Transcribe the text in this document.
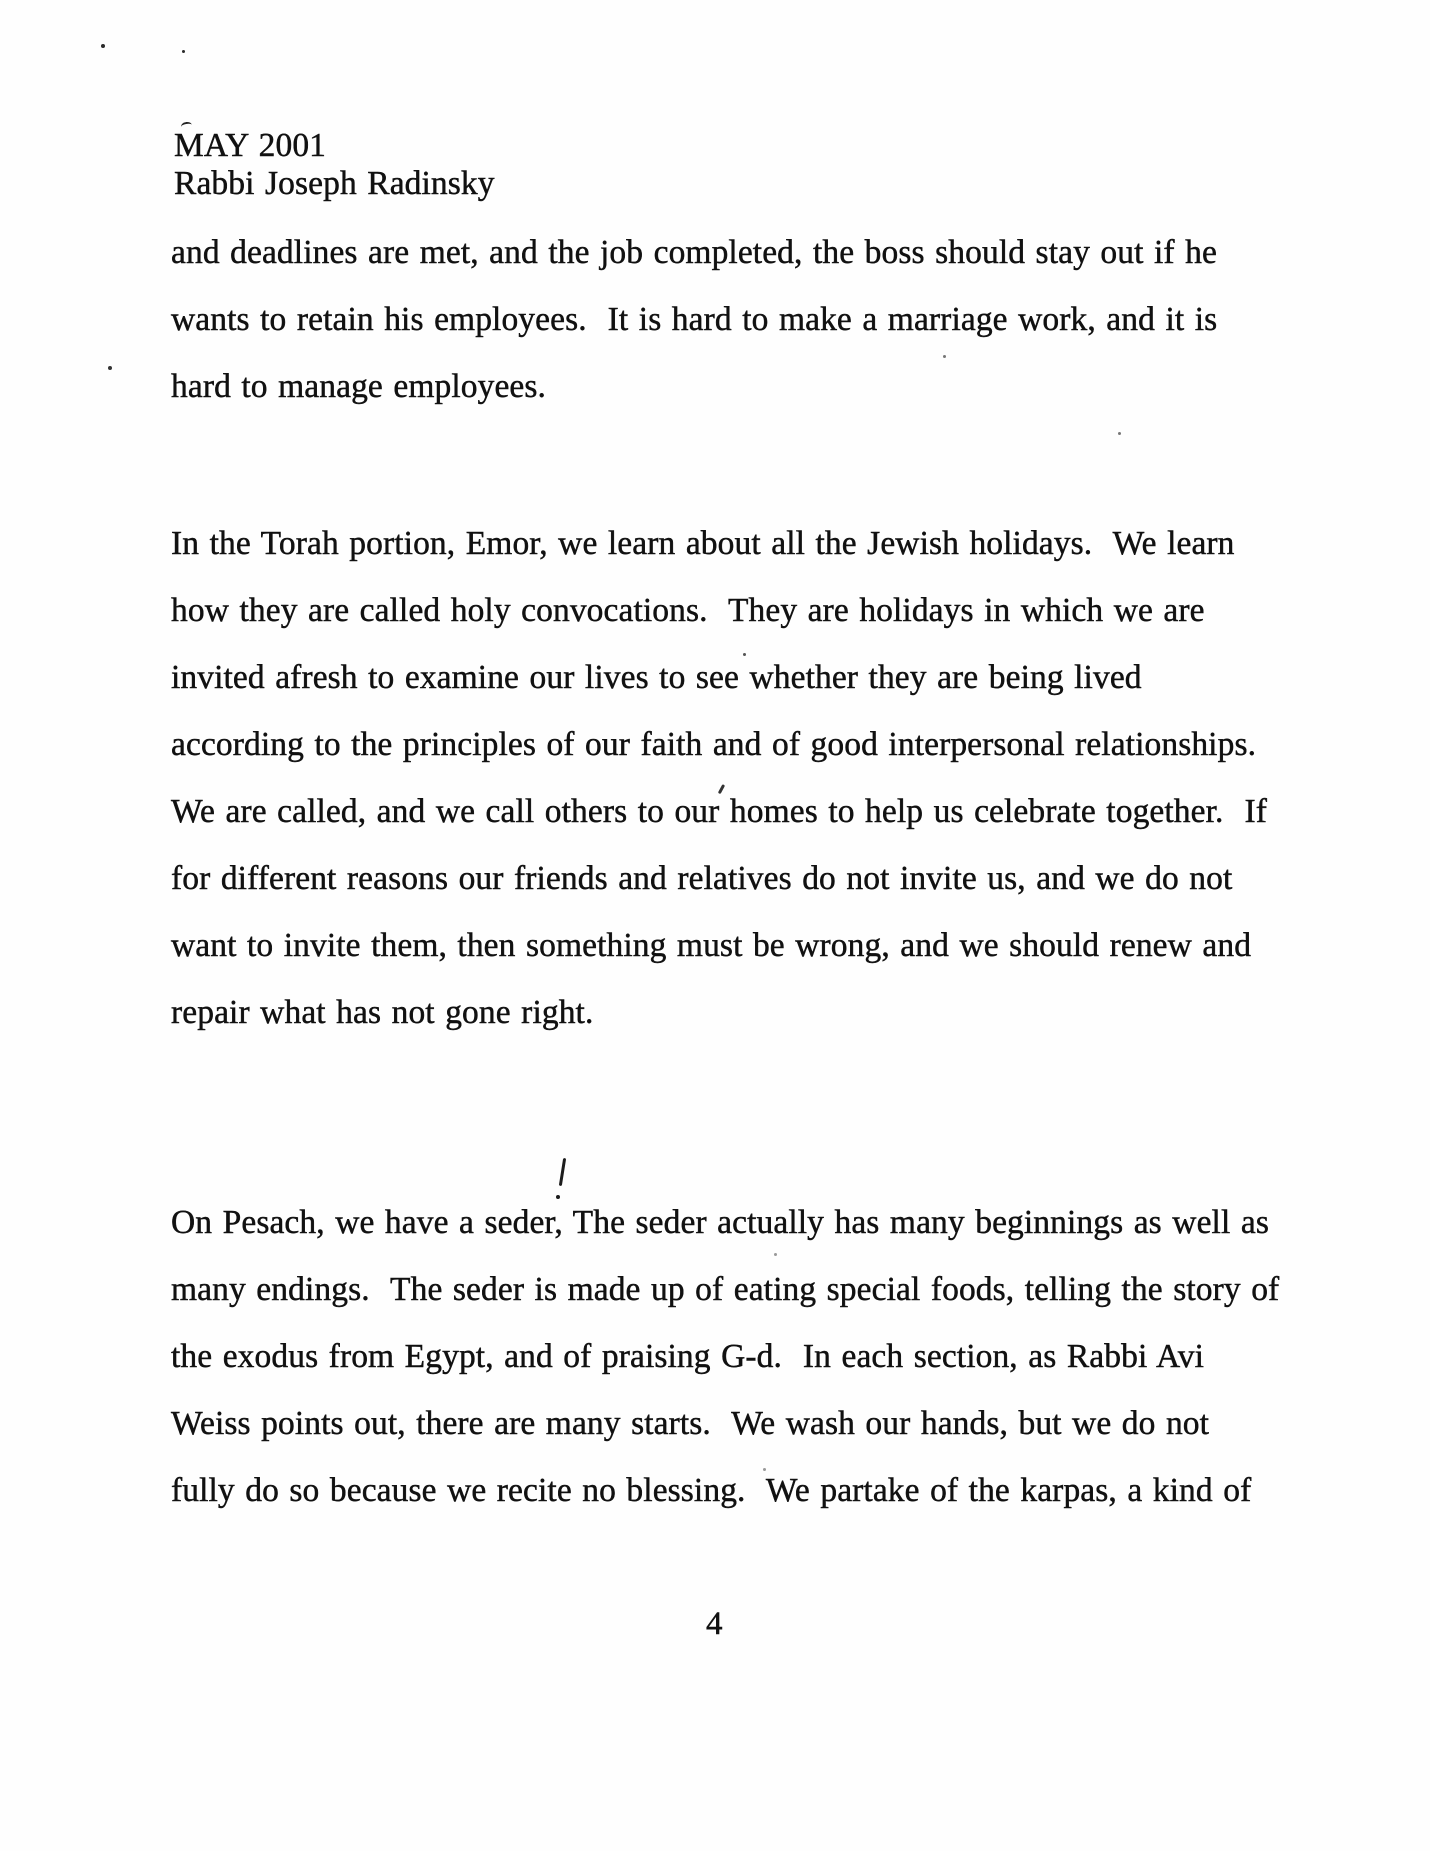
MAY 2001
Rabbi Joseph Radinsky
and deadlines are met, and the job completed, the boss should stay out if he
wants to retain his employees.  It is hard to make a marriage work, and it is
hard to manage employees.
In the Torah portion, Emor, we learn about all the Jewish holidays.  We learn
how they are called holy convocations.  They are holidays in which we are
invited afresh to examine our lives to see whether they are being lived
according to the principles of our faith and of good interpersonal relationships.
We are called, and we call others to our homes to help us celebrate together.  If
for different reasons our friends and relatives do not invite us, and we do not
want to invite them, then something must be wrong, and we should renew and
repair what has not gone right.
On Pesach, we have a seder, The seder actually has many beginnings as well as
many endings.  The seder is made up of eating special foods, telling the story of
the exodus from Egypt, and of praising G-d.  In each section, as Rabbi Avi
Weiss points out, there are many starts.  We wash our hands, but we do not
fully do so because we recite no blessing.  We partake of the karpas, a kind of
4
